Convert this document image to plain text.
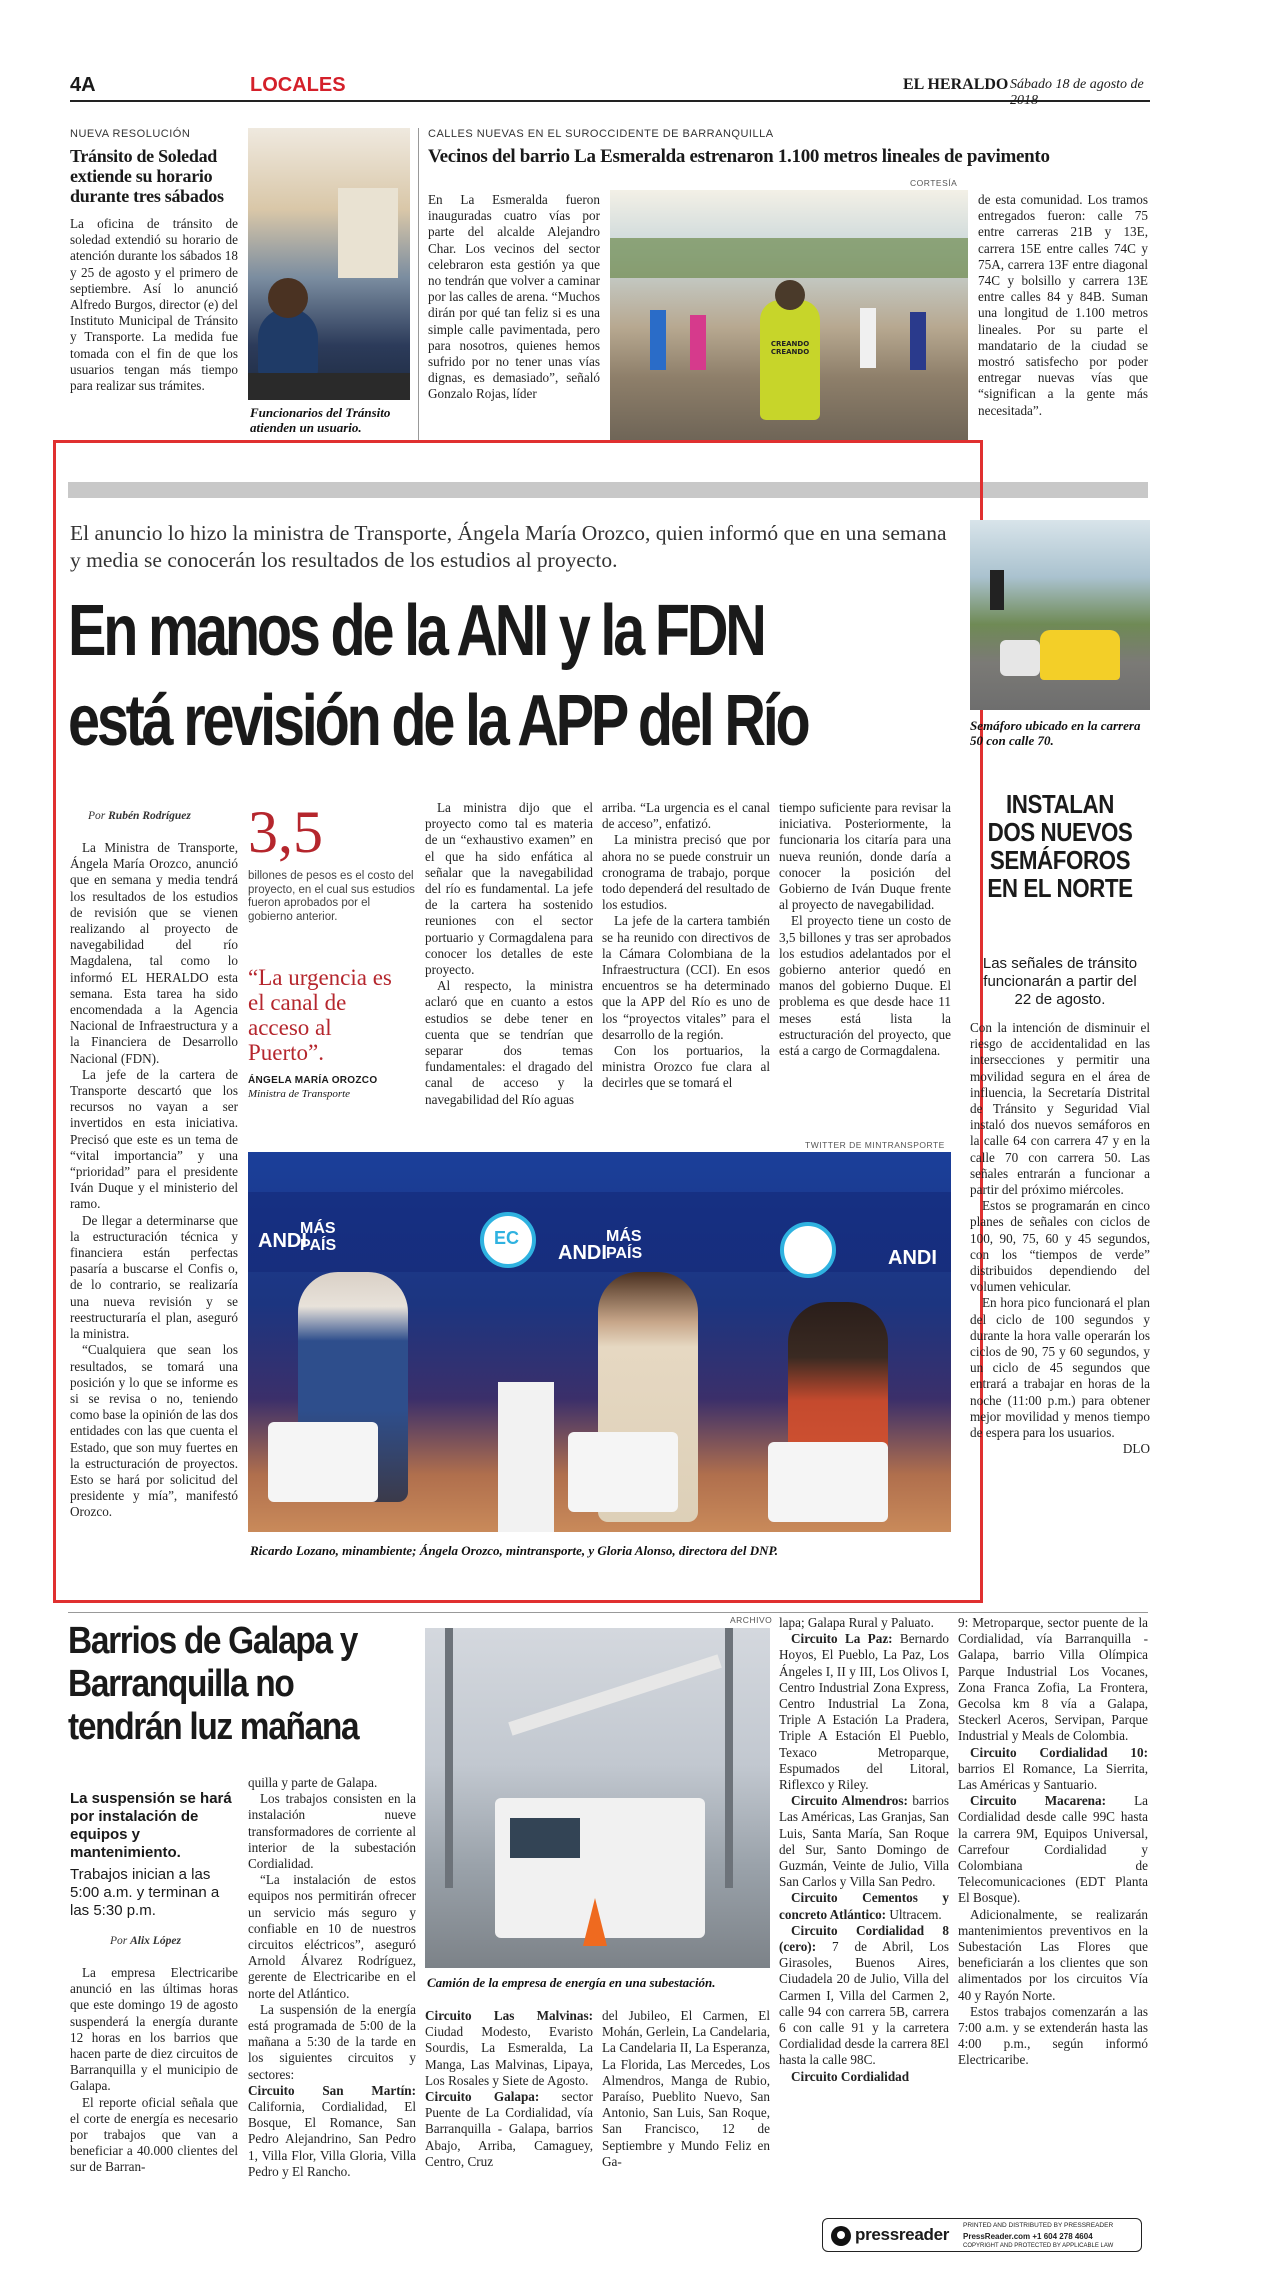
4A	LOCALES	EL HERALDO Sábado 18 de agosto de 2018
NUEVA RESOLUCIÓN
Tránsito de Soledad extiende su horario durante tres sábados
La oficina de tránsito de soledad extendió su horario de atención durante los sábados 18 y 25 de agosto y el primero de septiembre. Así lo anunció Alfredo Burgos, director (e) del Instituto Municipal de Tránsito y Transporte. La medida fue tomada con el fin de que los usuarios tengan más tiempo para realizar sus trámites.
Funcionarios del Tránsito atienden un usuario.
CALLES NUEVAS EN EL SUROCCIDENTE DE BARRANQUILLA
Vecinos del barrio La Esmeralda estrenaron 1.100 metros lineales de pavimento
CORTESÍA
En La Esmeralda fueron inauguradas cuatro vías por parte del alcalde Alejandro Char. Los vecinos del sector celebraron esta gestión ya que no tendrán que volver a caminar por las calles de arena. “Muchos dirán por qué tan feliz si es una simple calle pavimentada, pero para nosotros, quienes hemos sufrido por no tener unas vías dignas, es demasiado”, señaló Gonzalo Rojas, líder
CREANDO CREANDO
de esta comunidad. Los tramos entregados fueron: calle 75 entre carreras 21B y 13E, carrera 15E entre calles 74C y 75A, carrera 13F entre diagonal 74C y bolsillo y carrera 13E entre calles 84 y 84B. Suman una longitud de 1.100 metros lineales. Por su parte el mandatario de la ciudad se mostró satisfecho por poder entregar nuevas vías que “significan a la gente más necesitada”.
El anuncio lo hizo la ministra de Transporte, Ángela María Orozco, quien informó que en una semana y media se conocerán los resultados de los estudios al proyecto.
En manos de la ANI y la FDN
está revisión de la APP del Río
Por Rubén Rodríguez

La Ministra de Transporte, Ángela María Orozco, anunció que en semana y media tendrá los resultados de los estudios de revisión que se vienen realizando al proyecto de navegabilidad del río Magdalena, tal como lo informó EL HERALDO esta semana. Esta tarea ha sido encomendada a la Agencia Nacional de Infraestructura y a la Financiera de Desarrollo Nacional (FDN).

La jefe de la cartera de Transporte descartó que los recursos no vayan a ser invertidos en esta iniciativa. Precisó que este es un tema de “vital importancia” y una “prioridad” para el presidente Iván Duque y el ministerio del ramo.

De llegar a determinarse que la estructuración técnica y financiera están perfectas pasaría a buscarse el Confis o, de lo contrario, se realizaría una nueva revisión y se reestructuraría el plan, aseguró la ministra.

“Cualquiera que sean los resultados, se tomará una posición y lo que se informe es si se revisa o no, teniendo como base la opinión de las dos entidades con las que cuenta el Estado, que son muy fuertes en la estructuración de proyectos. Esto se hará por solicitud del presidente y mía”, manifestó Orozco.

3,5
billones de pesos es el costo del proyecto, en el cual sus estudios fueron aprobados por el gobierno anterior.
“La urgencia es el canal de acceso al Puerto”.
ÁNGELA MARÍA OROZCO
Ministra de Transporte

La ministra dijo que el proyecto como tal es materia de un “exhaustivo examen” en el que ha sido enfática al señalar que la navegabilidad del río es fundamental. La jefe de la cartera ha sostenido reuniones con el sector portuario y Cormagdalena para conocer los detalles de este proyecto.

Al respecto, la ministra aclaró que en cuanto a estos estudios se debe tener en cuenta que se tendrían que separar dos temas fundamentales: el dragado del canal de acceso y la navegabilidad del Río aguas

arriba. “La urgencia es el canal de acceso”, enfatizó.

La ministra precisó que por ahora no se puede construir un cronograma de trabajo, porque todo dependerá del resultado de los estudios.

La jefe de la cartera también se ha reunido con directivos de la Cámara Colombiana de la Infraestructura (CCI). En esos encuentros se ha determinado que la APP del Río es uno de los “proyectos vitales” para el desarrollo de la región.

Con los portuarios, la ministra Orozco fue clara al decirles que se tomará el

tiempo suficiente para revisar la iniciativa. Posteriormente, la funcionaria los citaría para una nueva reunión, donde daría a conocer la posición del Gobierno de Iván Duque frente al proyecto de navegabilidad.

El proyecto tiene un costo de 3,5 billones y tras ser aprobados los estudios adelantados por el gobierno anterior quedó en manos del gobierno Duque. El problema es que desde hace 11 meses está lista la estructuración del proyecto, que está a cargo de Cormagdalena.

TWITTER DE MINTRANSPORTE
ANDI
MÁS PAÍS	ANDI
MÁS PAÍS	ANDI
EC
Ricardo Lozano, minambiente; Ángela Orozco, mintransporte, y Gloria Alonso, directora del DNP.
Semáforo ubicado en la carrera 50 con calle 70.
INSTALAN DOS NUEVOS SEMÁFOROS EN EL NORTE
Las señales de tránsito funcionarán a partir del 22 de agosto.

Con la intención de disminuir el riesgo de accidentalidad en las intersecciones y permitir una movilidad segura en el área de influencia, la Secretaría Distrital de Tránsito y Seguridad Vial instaló dos nuevos semáforos en la calle 64 con carrera 47 y en la calle 70 con carrera 50. Las señales entrarán a funcionar a partir del próximo miércoles.

Estos se programarán en cinco planes de señales con ciclos de 100, 90, 75, 60 y 45 segundos, con los “tiempos de verde” distribuidos dependiendo del volumen vehicular.

En hora pico funcionará el plan del ciclo de 100 segundos y durante la hora valle operarán los ciclos de 90, 75 y 60 segundos, y un ciclo de 45 segundos que entrará a trabajar en horas de la noche (11:00 p.m.) para obtener mejor movilidad y menos tiempo de espera para los usuarios.

DLO

Barrios de Galapa y Barranquilla no tendrán luz mañana
La suspensión se hará por instalación de equipos y mantenimiento.
Trabajos inician a las 5:00 a.m. y terminan a las 5:30 p.m.
Por Alix López

La empresa Electricaribe anunció en las últimas horas que este domingo 19 de agosto suspenderá la energía durante 12 horas en los barrios que hacen parte de diez circuitos de Barranquilla y el municipio de Galapa.

El reporte oficial señala que el corte de energía es necesario por trabajos que van a beneficiar a 40.000 clientes del sur de Barran-

quilla y parte de Galapa.

Los trabajos consisten en la instalación nueve transformadores de corriente al interior de la subestación Cordialidad.

“La instalación de estos equipos nos permitirán ofrecer un servicio más seguro y confiable en 10 de nuestros circuitos eléctricos”, aseguró Arnold Álvarez Rodríguez, gerente de Electricaribe en el norte del Atlántico.

La suspensión de la energía está programada de 5:00 de la mañana a 5:30 de la tarde en los siguientes circuitos y sectores:

Circuito San Martín: California, Cordialidad, El Bosque, El Romance, San Pedro Alejandrino, San Pedro 1, Villa Flor, Villa Gloria, Villa Pedro y El Rancho.

ARCHIVO
Camión de la empresa de energía en una subestación.

Circuito Las Malvinas: Ciudad Modesto, Evaristo Sourdis, La Esmeralda, La Manga, Las Malvinas, Lipaya, Los Rosales y Siete de Agosto.

Circuito Galapa: sector Puente de La Cordialidad, vía Barranquilla - Galapa, barrios Abajo, Arriba, Camaguey, Centro, Cruz

del Jubileo, El Carmen, El Mohán, Gerlein, La Candelaria, La Candelaria II, La Esperanza, La Florida, Las Mercedes, Los Almendros, Manga de Rubio, Paraíso, Pueblito Nuevo, San Antonio, San Luis, San Roque, San Francisco, 12 de Septiembre y Mundo Feliz en Ga-

lapa; Galapa Rural y Paluato.

Circuito La Paz: Bernardo Hoyos, El Pueblo, La Paz, Los Ángeles I, II y III, Los Olivos I, Centro Industrial Zona Express, Centro Industrial La Zona, Triple A Estación La Pradera, Triple A Estación El Pueblo, Texaco Metroparque, Espumados del Litoral, Riflexco y Riley.

Circuito Almendros: barrios Las Américas, Las Granjas, San Luis, Santa María, San Roque del Sur, Santo Domingo de Guzmán, Veinte de Julio, Villa San Carlos y Villa San Pedro.

Circuito Cementos y concreto Atlántico: Ultracem.

Circuito Cordialidad 8 (cero): 7 de Abril, Los Girasoles, Buenos Aires, Ciudadela 20 de Julio, Villa del Carmen I, Villa del Carmen 2, calle 94 con carrera 5B, carrera 6 con calle 91 y la carretera Cordialidad desde la carrera 8El hasta la calle 98C.

Circuito Cordialidad

9: Metroparque, sector puente de la Cordialidad, vía Barranquilla - Galapa, barrio Villa Olímpica Parque Industrial Los Vocanes, Zona Franca Zofia, La Frontera, Gecolsa km 8 vía a Galapa, Steckerl Aceros, Servipan, Parque Industrial y Meals de Colombia.

Circuito Cordialidad 10: barrios El Romance, La Sierrita, Las Américas y Santuario.

Circuito Macarena: La Cordialidad desde calle 99C hasta la carrera 9M, Equipos Universal, Carrefour Cordialidad y Colombiana de Telecomunicaciones (EDT Planta El Bosque).

Adicionalmente, se realizarán mantenimientos preventivos en la Subestación Las Flores que beneficiarán a los clientes que son alimentados por los circuitos Vía 40 y Rayón Norte.

Estos trabajos comenzarán a las 7:00 a.m. y se extenderán hasta las 4:00 p.m., según informó Electricaribe.

pressreader PRINTED AND DISTRIBUTED BY PRESSREADER
PressReader.com +1 604 278 4604
COPYRIGHT AND PROTECTED BY APPLICABLE LAW
